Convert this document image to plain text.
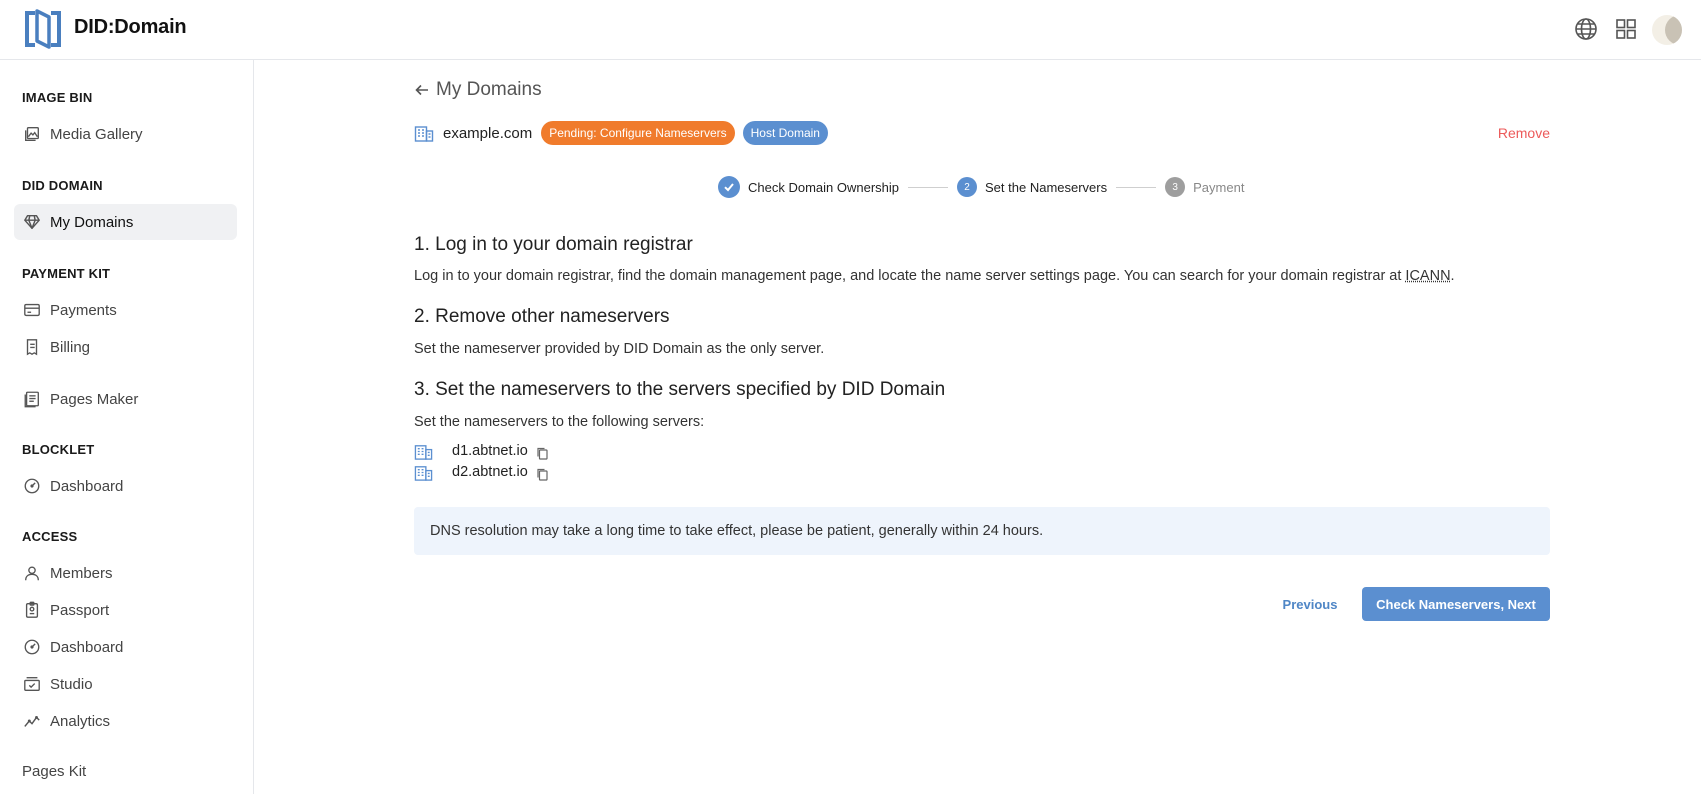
DID:Domain
IMAGE BIN
Media Gallery
DID DOMAIN
My Domains
PAYMENT KIT
Payments
Billing
Pages Maker
BLOCKLET
Dashboard
ACCESS
Members
Passport
Dashboard
Studio
Analytics
Pages Kit
My Domains
example.com	Pending: Configure Nameservers	Host Domain	Remove
Check Domain Ownership	2	Set the Nameservers	3	Payment
1. Log in to your domain registrar
Log in to your domain registrar, find the domain management page, and locate the name server settings page. You can search for your domain registrar at ICANN.
2. Remove other nameservers
Set the nameserver provided by DID Domain as the only server.
3. Set the nameservers to the servers specified by DID Domain
Set the nameservers to the following servers:
d1.abtnet.io
d2.abtnet.io
DNS resolution may take a long time to take effect, please be patient, generally within 24 hours.
Previous	Check Nameservers, Next
